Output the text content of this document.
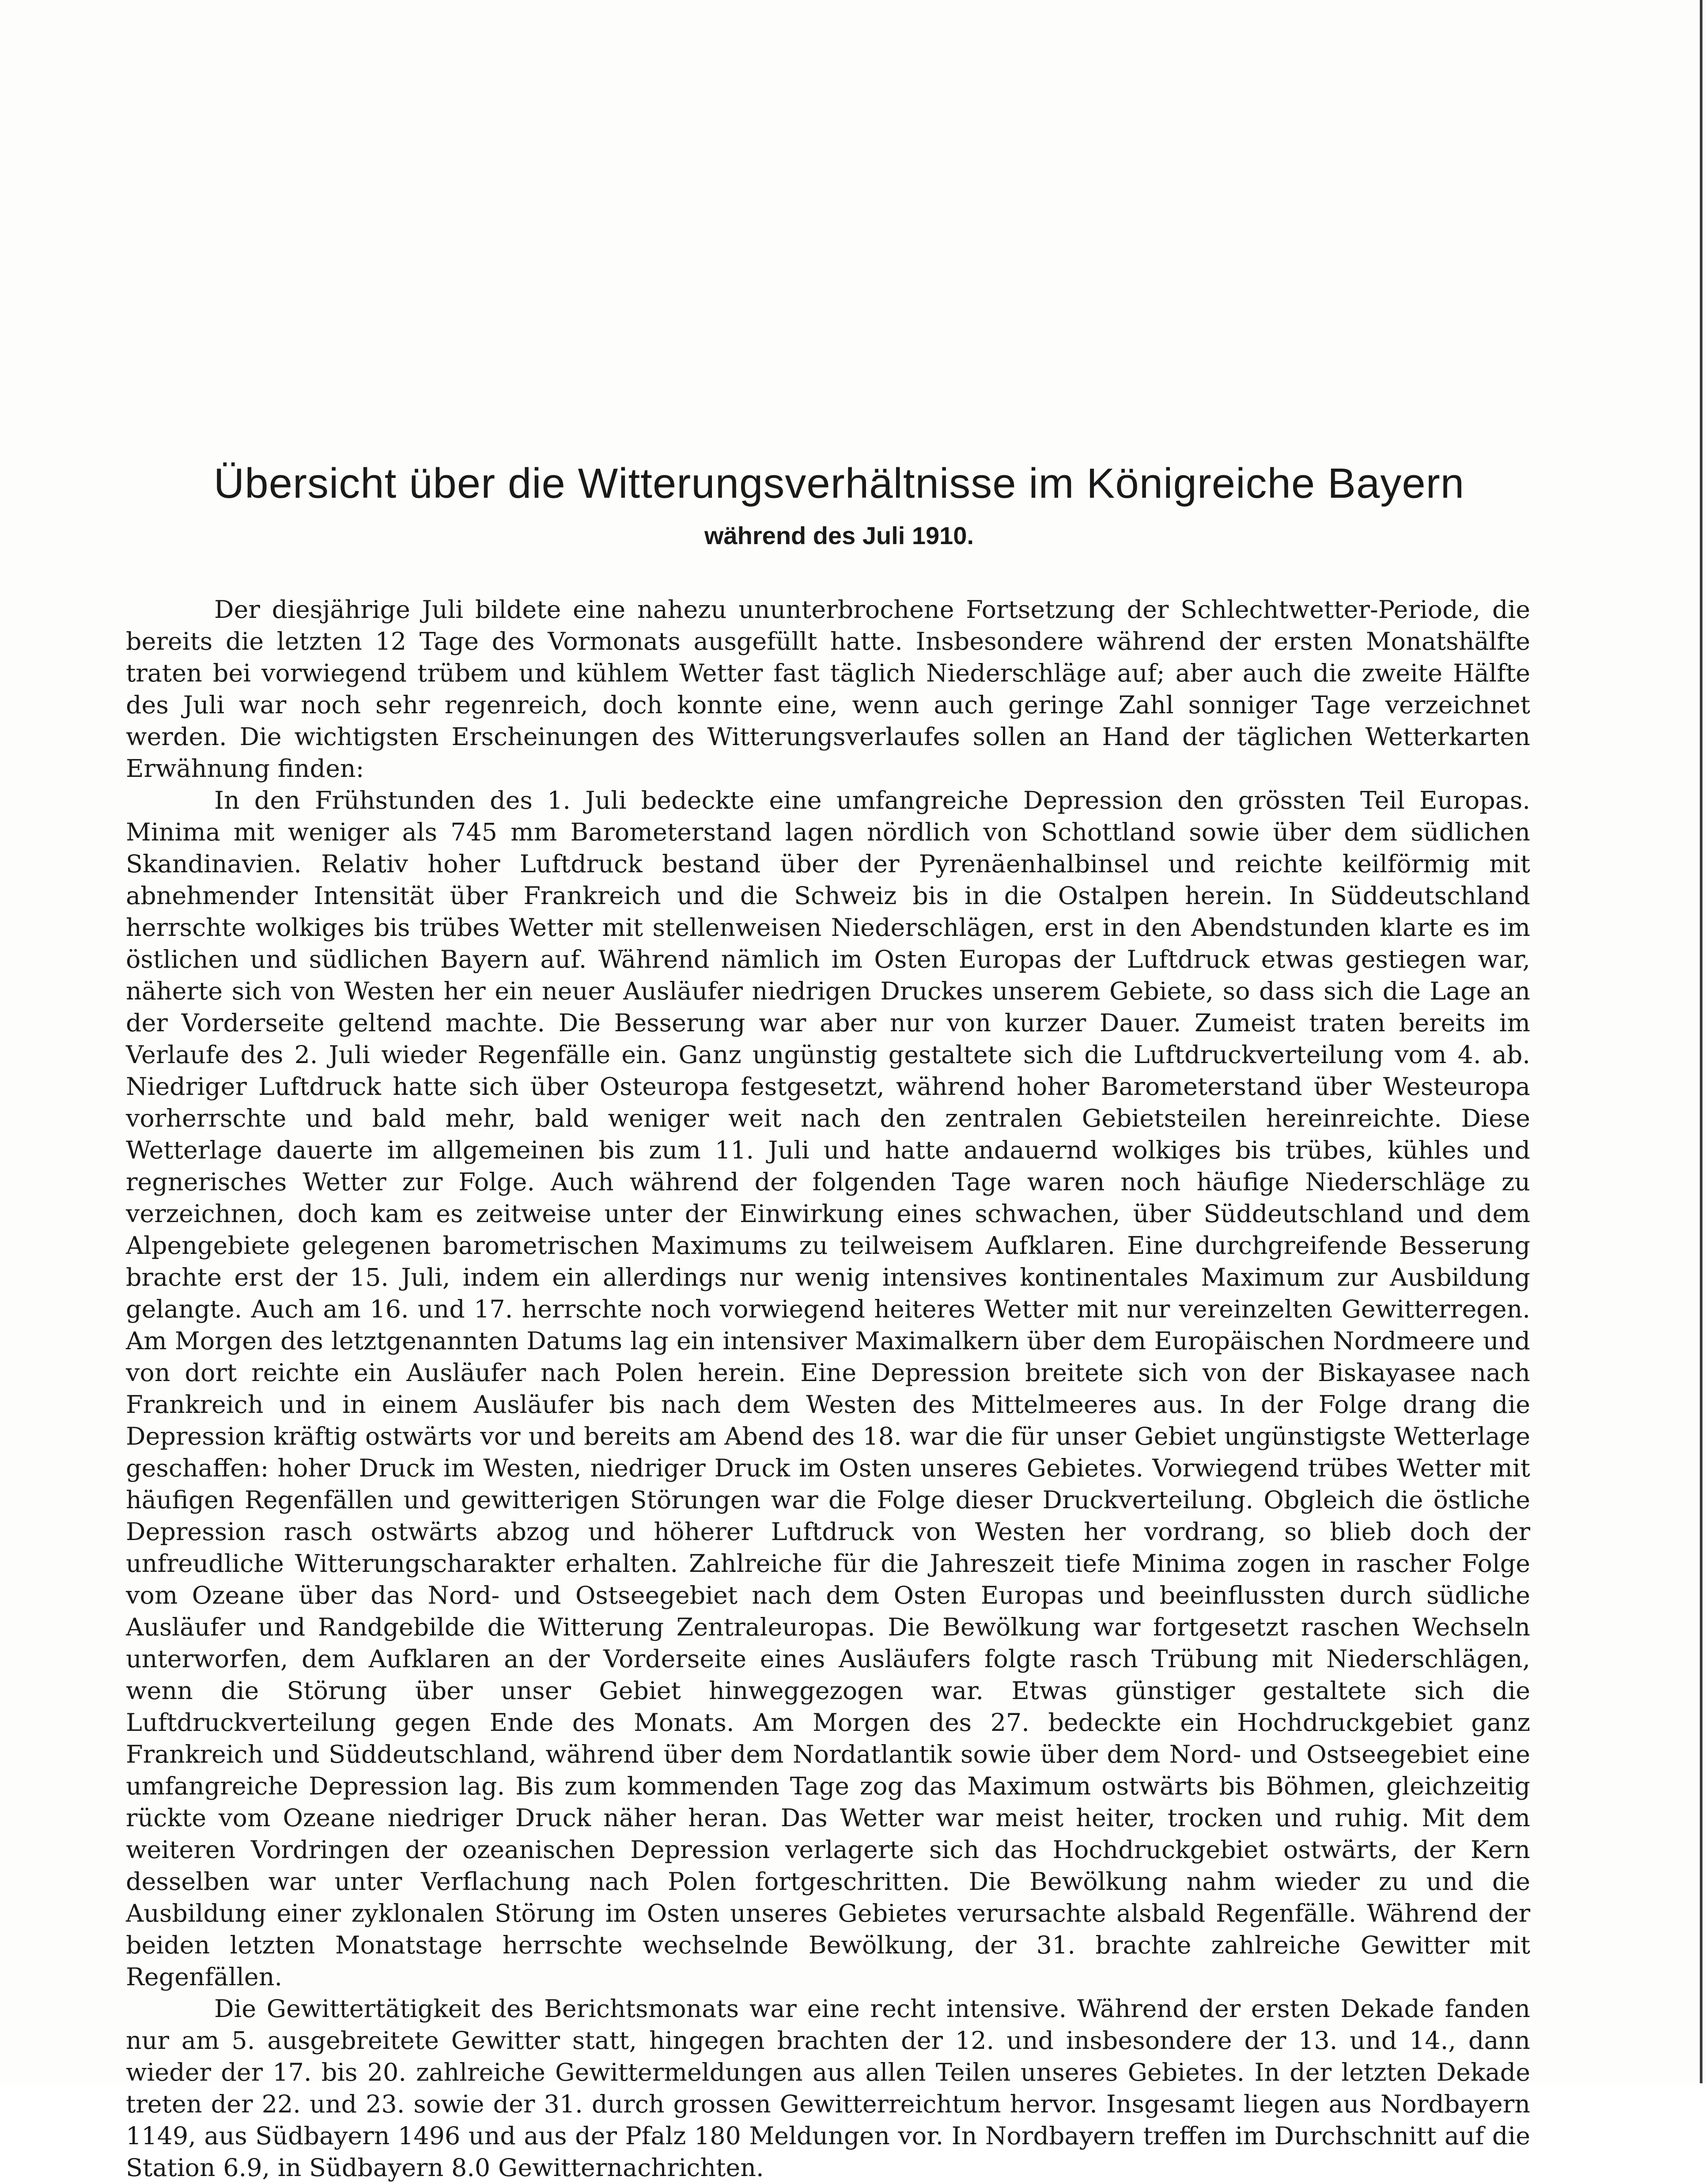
Übersicht über die Witterungsverhältnisse im Königreiche Bayern
während des Juli 1910.

Der diesjährige Juli bildete eine nahezu ununterbrochene Fortsetzung der Schlechtwetter-Periode, die bereits die letzten 12 Tage des Vormonats ausgefüllt hatte. Insbesondere während der ersten Monatshälfte traten bei vorwiegend trübem und kühlem Wetter fast täglich Niederschläge auf; aber auch die zweite Hälfte des Juli war noch sehr regenreich, doch konnte eine, wenn auch geringe Zahl sonniger Tage verzeichnet werden. Die wichtigsten Erscheinungen des Witterungsverlaufes sollen an Hand der täglichen Wetterkarten Erwähnung finden:

In den Frühstunden des 1. Juli bedeckte eine umfangreiche Depression den grössten Teil Europas. Minima mit weniger als 745 mm Barometerstand lagen nördlich von Schottland sowie über dem südlichen Skandinavien. Relativ hoher Luftdruck bestand über der Pyrenäenhalbinsel und reichte keilförmig mit abnehmender Intensität über Frankreich und die Schweiz bis in die Ostalpen herein. In Süddeutschland herrschte wolkiges bis trübes Wetter mit stellenweisen Niederschlägen, erst in den Abendstunden klarte es im östlichen und südlichen Bayern auf. Während nämlich im Osten Europas der Luftdruck etwas gestiegen war, näherte sich von Westen her ein neuer Ausläufer niedrigen Druckes unserem Gebiete, so dass sich die Lage an der Vorderseite geltend machte. Die Besserung war aber nur von kurzer Dauer. Zumeist traten bereits im Verlaufe des 2. Juli wieder Regenfälle ein. Ganz ungünstig gestaltete sich die Luftdruckverteilung vom 4. ab. Niedriger Luftdruck hatte sich über Osteuropa festgesetzt, während hoher Barometerstand über Westeuropa vorherrschte und bald mehr, bald weniger weit nach den zentralen Gebietsteilen hereinreichte. Diese Wetterlage dauerte im allgemeinen bis zum 11. Juli und hatte andauernd wolkiges bis trübes, kühles und regnerisches Wetter zur Folge. Auch während der folgenden Tage waren noch häufige Niederschläge zu verzeichnen, doch kam es zeitweise unter der Einwirkung eines schwachen, über Süddeutschland und dem Alpengebiete gelegenen barometrischen Maximums zu teilweisem Aufklaren. Eine durchgreifende Besserung brachte erst der 15. Juli, indem ein allerdings nur wenig intensives kontinentales Maximum zur Ausbildung gelangte. Auch am 16. und 17. herrschte noch vorwiegend heiteres Wetter mit nur vereinzelten Gewitterregen. Am Morgen des letztgenannten Datums lag ein intensiver Maximalkern über dem Europäischen Nordmeere und von dort reichte ein Ausläufer nach Polen herein. Eine Depression breitete sich von der Biskayasee nach Frankreich und in einem Ausläufer bis nach dem Westen des Mittelmeeres aus. In der Folge drang die Depression kräftig ostwärts vor und bereits am Abend des 18. war die für unser Gebiet ungünstigste Wetterlage geschaffen: hoher Druck im Westen, niedriger Druck im Osten unseres Gebietes. Vorwiegend trübes Wetter mit häufigen Regenfällen und gewitterigen Störungen war die Folge dieser Druckverteilung. Obgleich die östliche Depression rasch ostwärts abzog und höherer Luftdruck von Westen her vordrang, so blieb doch der unfreudliche Witterungscharakter erhalten. Zahlreiche für die Jahreszeit tiefe Minima zogen in rascher Folge vom Ozeane über das Nord- und Ostseegebiet nach dem Osten Europas und beeinflussten durch südliche Ausläufer und Randgebilde die Witterung Zentraleuropas. Die Bewölkung war fortgesetzt raschen Wechseln unterworfen, dem Aufklaren an der Vorderseite eines Ausläufers folgte rasch Trübung mit Niederschlägen, wenn die Störung über unser Gebiet hinweggezogen war. Etwas günstiger gestaltete sich die Luftdruckverteilung gegen Ende des Monats. Am Morgen des 27. bedeckte ein Hochdruckgebiet ganz Frankreich und Süddeutschland, während über dem Nordatlantik sowie über dem Nord- und Ostseegebiet eine umfangreiche Depression lag. Bis zum kommenden Tage zog das Maximum ostwärts bis Böhmen, gleichzeitig rückte vom Ozeane niedriger Druck näher heran. Das Wetter war meist heiter, trocken und ruhig. Mit dem weiteren Vordringen der ozeanischen Depression verlagerte sich das Hochdruckgebiet ostwärts, der Kern desselben war unter Verflachung nach Polen fortgeschritten. Die Bewölkung nahm wieder zu und die Ausbildung einer zyklonalen Störung im Osten unseres Gebietes verursachte alsbald Regenfälle. Während der beiden letzten Monatstage herrschte wechselnde Bewölkung, der 31. brachte zahlreiche Gewitter mit Regenfällen.

Die Gewittertätigkeit des Berichtsmonats war eine recht intensive. Während der ersten Dekade fanden nur am 5. ausgebreitete Gewitter statt, hingegen brachten der 12. und insbesondere der 13. und 14., dann wieder der 17. bis 20. zahlreiche Gewittermeldungen aus allen Teilen unseres Gebietes. In der letzten Dekade treten der 22. und 23. sowie der 31. durch grossen Gewitterreichtum hervor. Insgesamt liegen aus Nordbayern 1149, aus Südbayern 1496 und aus der Pfalz 180 Meldungen vor. In Nordbayern treffen im Durchschnitt auf die Station 6.9, in Südbayern 8.0 Gewitternachrichten.
